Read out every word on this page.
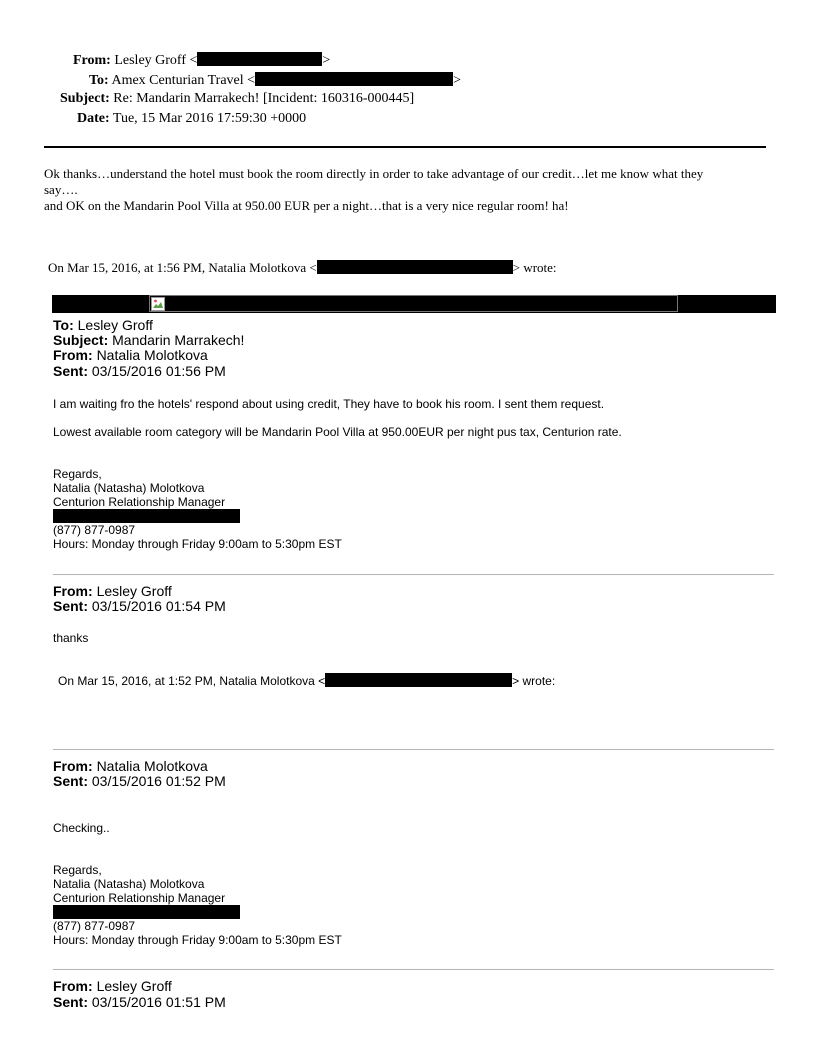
From: Lesley Groff <	>
To: Amex Centurian Travel <	>
Subject: Re: Mandarin Marrakech! [Incident: 160316-000445]
Date: Tue, 15 Mar 2016 17:59:30 +0000
Ok thanks…understand the hotel must book the room directly in order to take advantage of our credit…let me know what they
say….
and OK on the Mandarin Pool Villa at 950.00 EUR per a night…that is a very nice regular room! ha!
On Mar 15, 2016, at 1:56 PM, Natalia Molotkova <	> wrote:
To: Lesley Groff
Subject: Mandarin Marrakech!
From: Natalia Molotkova
Sent: 03/15/2016 01:56 PM
I am waiting fro the hotels' respond about using credit, They have to book his room. I sent them request.
Lowest available room category will be Mandarin Pool Villa at 950.00EUR per night pus tax, Centurion rate.
Regards,
Natalia (Natasha) Molotkova
Centurion Relationship Manager
(877) 877-0987
Hours: Monday through Friday 9:00am to 5:30pm EST
From: Lesley Groff
Sent: 03/15/2016 01:54 PM
thanks
On Mar 15, 2016, at 1:52 PM, Natalia Molotkova <	> wrote:
From: Natalia Molotkova
Sent: 03/15/2016 01:52 PM
Checking..
Regards,
Natalia (Natasha) Molotkova
Centurion Relationship Manager
(877) 877-0987
Hours: Monday through Friday 9:00am to 5:30pm EST
From: Lesley Groff
Sent: 03/15/2016 01:51 PM
